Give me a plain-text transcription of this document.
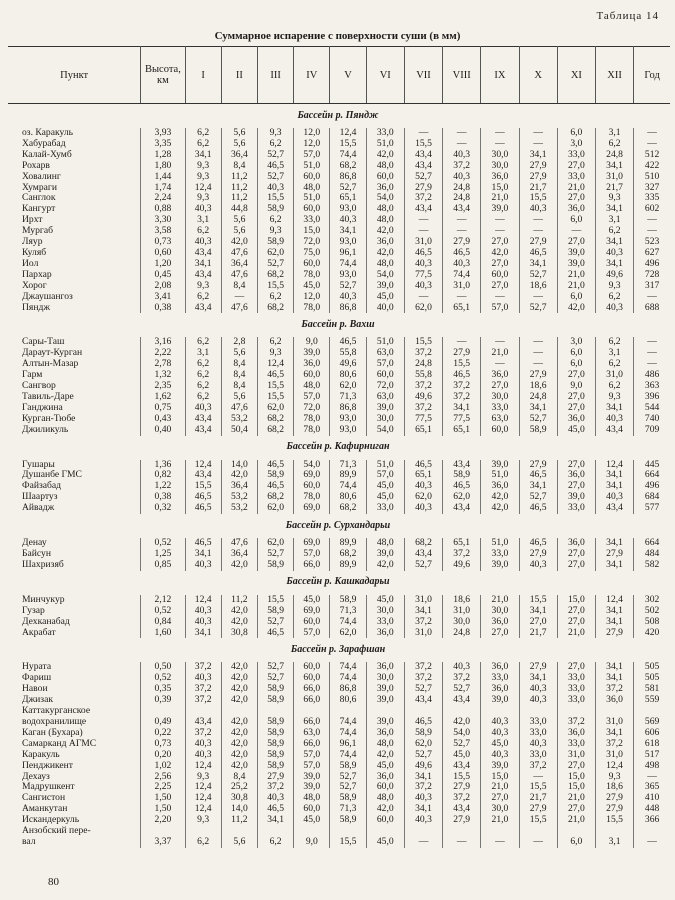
Таблица 14
Суммарное испарение с поверхности суши (в мм)
Пункт	Высота, км	I	II	III	IV	V	VI	VII	VIII	IX	X	XI	XII	Год
Бассейн р. Пяндж														
оз. Каракуль	3,93	6,2	5,6	9,3	12,0	12,4	33,0	—	—	—	—	6,0	3,1	—
Хабурабад	3,35	6,2	5,6	6,2	12,0	15,5	51,0	15,5	—	—	—	3,0	6,2	—
Калай-Хумб	1,28	34,1	36,4	52,7	57,0	74,4	42,0	43,4	40,3	30,0	34,1	33,0	24,8	512
Рохарв	1,80	9,3	8,4	46,5	51,0	68,2	48,0	43,4	37,2	30,0	27,9	27,0	34,1	422
Ховалинг	1,44	9,3	11,2	52,7	60,0	86,8	60,0	52,7	40,3	36,0	27,9	33,0	31,0	510
Хумраги	1,74	12,4	11,2	40,3	48,0	52,7	36,0	27,9	24,8	15,0	21,7	21,0	21,7	327
Санглок	2,24	9,3	11,2	15,5	51,0	65,1	54,0	37,2	24,8	21,0	15,5	27,0	9,3	335
Кангурт	0,88	40,3	44,8	58,9	60,0	93,0	48,0	43,4	43,4	39,0	40,3	36,0	34,1	602
Ирхт	3,30	3,1	5,6	6,2	33,0	40,3	48,0	—	—	—	—	6,0	3,1	—
Мургаб	3,58	6,2	5,6	9,3	15,0	34,1	42,0	—	—	—	—	—	6,2	—
Ляур	0,73	40,3	42,0	58,9	72,0	93,0	36,0	31,0	27,9	27,0	27,9	27,0	34,1	523
Куляб	0,60	43,4	47,6	62,0	75,0	96,1	42,0	46,5	46,5	42,0	46,5	39,0	40,3	627
Иол	1,20	34,1	36,4	52,7	60,0	74,4	48,0	40,3	40,3	27,0	34,1	39,0	34,1	496
Пархар	0,45	43,4	47,6	68,2	78,0	93,0	54,0	77,5	74,4	60,0	52,7	21,0	49,6	728
Хорог	2,08	9,3	8,4	15,5	45,0	52,7	39,0	40,3	31,0	27,0	18,6	21,0	9,3	317
Джаушангоз	3,41	6,2	—	6,2	12,0	40,3	45,0	—	—	—	—	6,0	6,2	—
Пяндж	0,38	43,4	47,6	68,2	78,0	86,8	40,0	62,0	65,1	57,0	52,7	42,0	40,3	688
Бассейн р. Вахш														
Сары-Таш	3,16	6,2	2,8	6,2	9,0	46,5	51,0	15,5	—	—	—	3,0	6,2	—
Дараут-Курган	2,22	3,1	5,6	9,3	39,0	55,8	63,0	37,2	27,9	21,0	—	6,0	3,1	—
Алтын-Мазар	2,78	6,2	8,4	12,4	36,0	49,6	57,0	24,8	15,5	—	—	6,0	6,2	—
Гарм	1,32	6,2	8,4	46,5	60,0	80,6	60,0	55,8	46,5	36,0	27,9	27,0	31,0	486
Сангвор	2,35	6,2	8,4	15,5	48,0	62,0	72,0	37,2	37,2	27,0	18,6	9,0	6,2	363
Тавиль-Даре	1,62	6,2	5,6	15,5	57,0	71,3	63,0	49,6	37,2	30,0	24,8	27,0	9,3	396
Ганджина	0,75	40,3	47,6	62,0	72,0	86,8	39,0	37,2	34,1	33,0	34,1	27,0	34,1	544
Курган-Тюбе	0,43	43,4	53,2	68,2	78,0	93,0	30,0	77,5	77,5	63,0	52,7	36,0	40,3	740
Джиликуль	0,40	43,4	50,4	68,2	78,0	93,0	54,0	65,1	65,1	60,0	58,9	45,0	43,4	709
Бассейн р. Кафирниган														
Гушары	1,36	12,4	14,0	46,5	54,0	71,3	51,0	46,5	43,4	39,0	27,9	27,0	12,4	445
Душанбе ГМС	0,82	43,4	42,0	58,9	69,0	89,9	57,0	65,1	58,9	51,0	46,5	36,0	34,1	664
Файзабад	1,22	15,5	36,4	46,5	60,0	74,4	45,0	40,3	46,5	36,0	34,1	27,0	34,1	496
Шаартуз	0,38	46,5	53,2	68,2	78,0	80,6	45,0	62,0	62,0	42,0	52,7	39,0	40,3	684
Айвадж	0,32	46,5	53,2	62,0	69,0	68,2	33,0	40,3	43,4	42,0	46,5	33,0	43,4	577
Бассейн р. Сурхандарьи														
Денау	0,52	46,5	47,6	62,0	69,0	89,9	48,0	68,2	65,1	51,0	46,5	36,0	34,1	664
Байсун	1,25	34,1	36,4	52,7	57,0	68,2	39,0	43,4	37,2	33,0	27,9	27,0	27,9	484
Шахризяб	0,85	40,3	42,0	58,9	66,0	89,9	42,0	52,7	49,6	39,0	40,3	27,0	34,1	582
Бассейн р. Кашкадарьи														
Минчукур	2,12	12,4	11,2	15,5	45,0	58,9	45,0	31,0	18,6	21,0	15,5	15,0	12,4	302
Гузар	0,52	40,3	42,0	58,9	69,0	71,3	30,0	34,1	31,0	30,0	34,1	27,0	34,1	502
Дехканабад	0,84	40,3	42,0	52,7	60,0	74,4	33,0	37,2	30,0	36,0	27,0	27,0	34,1	508
Акрабат	1,60	34,1	30,8	46,5	57,0	62,0	36,0	31,0	24,8	27,0	21,7	21,0	27,9	420
Бассейн р. Зарафшан														
Нурата	0,50	37,2	42,0	52,7	60,0	74,4	36,0	37,2	40,3	36,0	27,9	27,0	34,1	505
Фариш	0,52	40,3	42,0	52,7	60,0	74,4	30,0	37,2	37,2	33,0	34,1	33,0	34,1	505
Навои	0,35	37,2	42,0	58,9	66,0	86,8	39,0	52,7	52,7	36,0	40,3	33,0	37,2	581
Джизак	0,39	37,2	42,0	58,9	66,0	80,6	39,0	43,4	43,4	39,0	40,3	33,0	36,0	559
Каттакурганское														
водохранилище	0,49	43,4	42,0	58,9	66,0	74,4	39,0	46,5	42,0	40,3	33,0	37,2	31,0	569
Каган (Бухара)	0,22	37,2	42,0	58,9	63,0	74,4	36,0	58,9	54,0	40,3	33,0	36,0	34,1	606
Самарканд АГМС	0,73	40,3	42,0	58,9	66,0	96,1	48,0	62,0	52,7	45,0	40,3	33,0	37,2	618
Каракуль	0,20	40,3	42,0	58,9	57,0	74,4	42,0	52,7	45,0	40,3	33,0	31,0	31,0	517
Пенджикент	1,02	12,4	42,0	58,9	57,0	58,9	45,0	49,6	43,4	39,0	37,2	27,0	12,4	498
Дехауз	2,56	9,3	8,4	27,9	39,0	52,7	36,0	34,1	15,5	15,0	—	15,0	9,3	—
Мадрушкент	2,25	12,4	25,2	37,2	39,0	52,7	60,0	37,2	27,9	21,0	15,5	15,0	18,6	365
Сангистон	1,50	12,4	30,8	40,3	48,0	58,9	48,0	40,3	37,2	27,0	21,7	21,0	27,9	410
Аманкутан	1,50	12,4	14,0	46,5	60,0	71,3	42,0	34,1	43,4	30,0	27,9	27,0	27,9	448
Искандеркуль	2,20	9,3	11,2	34,1	45,0	58,9	60,0	40,3	27,9	21,0	15,5	21,0	15,5	366
Анзобский пере-														
вал	3,37	6,2	5,6	6,2	9,0	15,5	45,0	—	—	—	—	6,0	3,1	—
80
